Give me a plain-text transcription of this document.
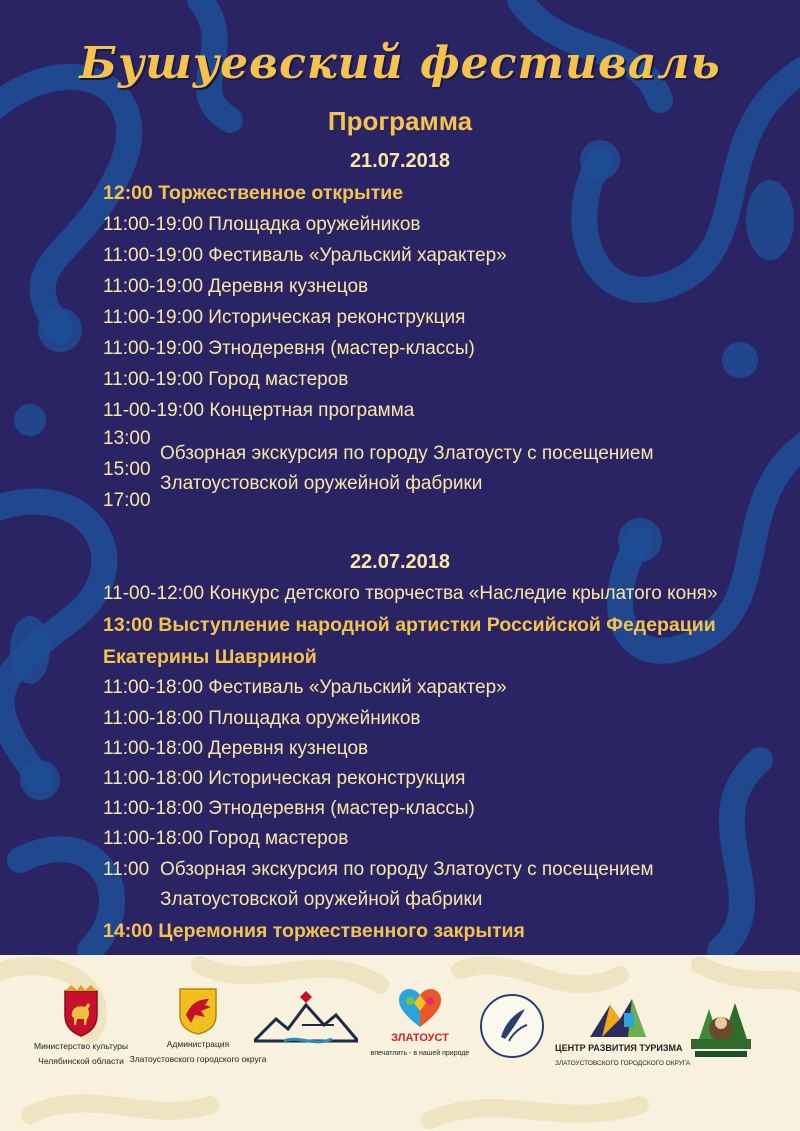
Бушуевский фестиваль
Программа
21.07.2018
12:00 Торжественное открытие
11:00-19:00 Площадка оружейников
11:00-19:00 Фестиваль «Уральский характер»
11:00-19:00 Деревня кузнецов
11:00-19:00 Историческая реконструкция
11:00-19:00 Этнодеревня (мастер-классы)
11:00-19:00 Город мастеров
11-00-19:00 Концертная программа
13:00
15:00
17:00
Обзорная экскурсия по городу Златоусту с посещением
Златоустовской оружейной фабрики
22.07.2018
11-00-12:00 Конкурс детского творчества «Наследие крылатого коня»
13:00 Выступление народной артистки Российской Федерации
Екатерины Шавриной
11:00-18:00 Фестиваль «Уральский характер»
11:00-18:00 Площадка оружейников
11:00-18:00 Деревня кузнецов
11:00-18:00 Историческая реконструкция
11:00-18:00 Этнодеревня (мастер-классы)
11:00-18:00 Город мастеров
11:00 Обзорная экскурсия по городу Златоусту с посещением
Златоустовской оружейной фабрики
14:00 Церемония торжественного закрытия
Министерство культуры
Челябинской области
Администрация
Златоустовского городского округа
ЗЛАТОУСТ
впечатлить - в нашей природе
ЦЕНТР РАЗВИТИЯ ТУРИЗМА
ЗЛАТОУСТОВСКОГО ГОРОДСКОГО ОКРУГА
